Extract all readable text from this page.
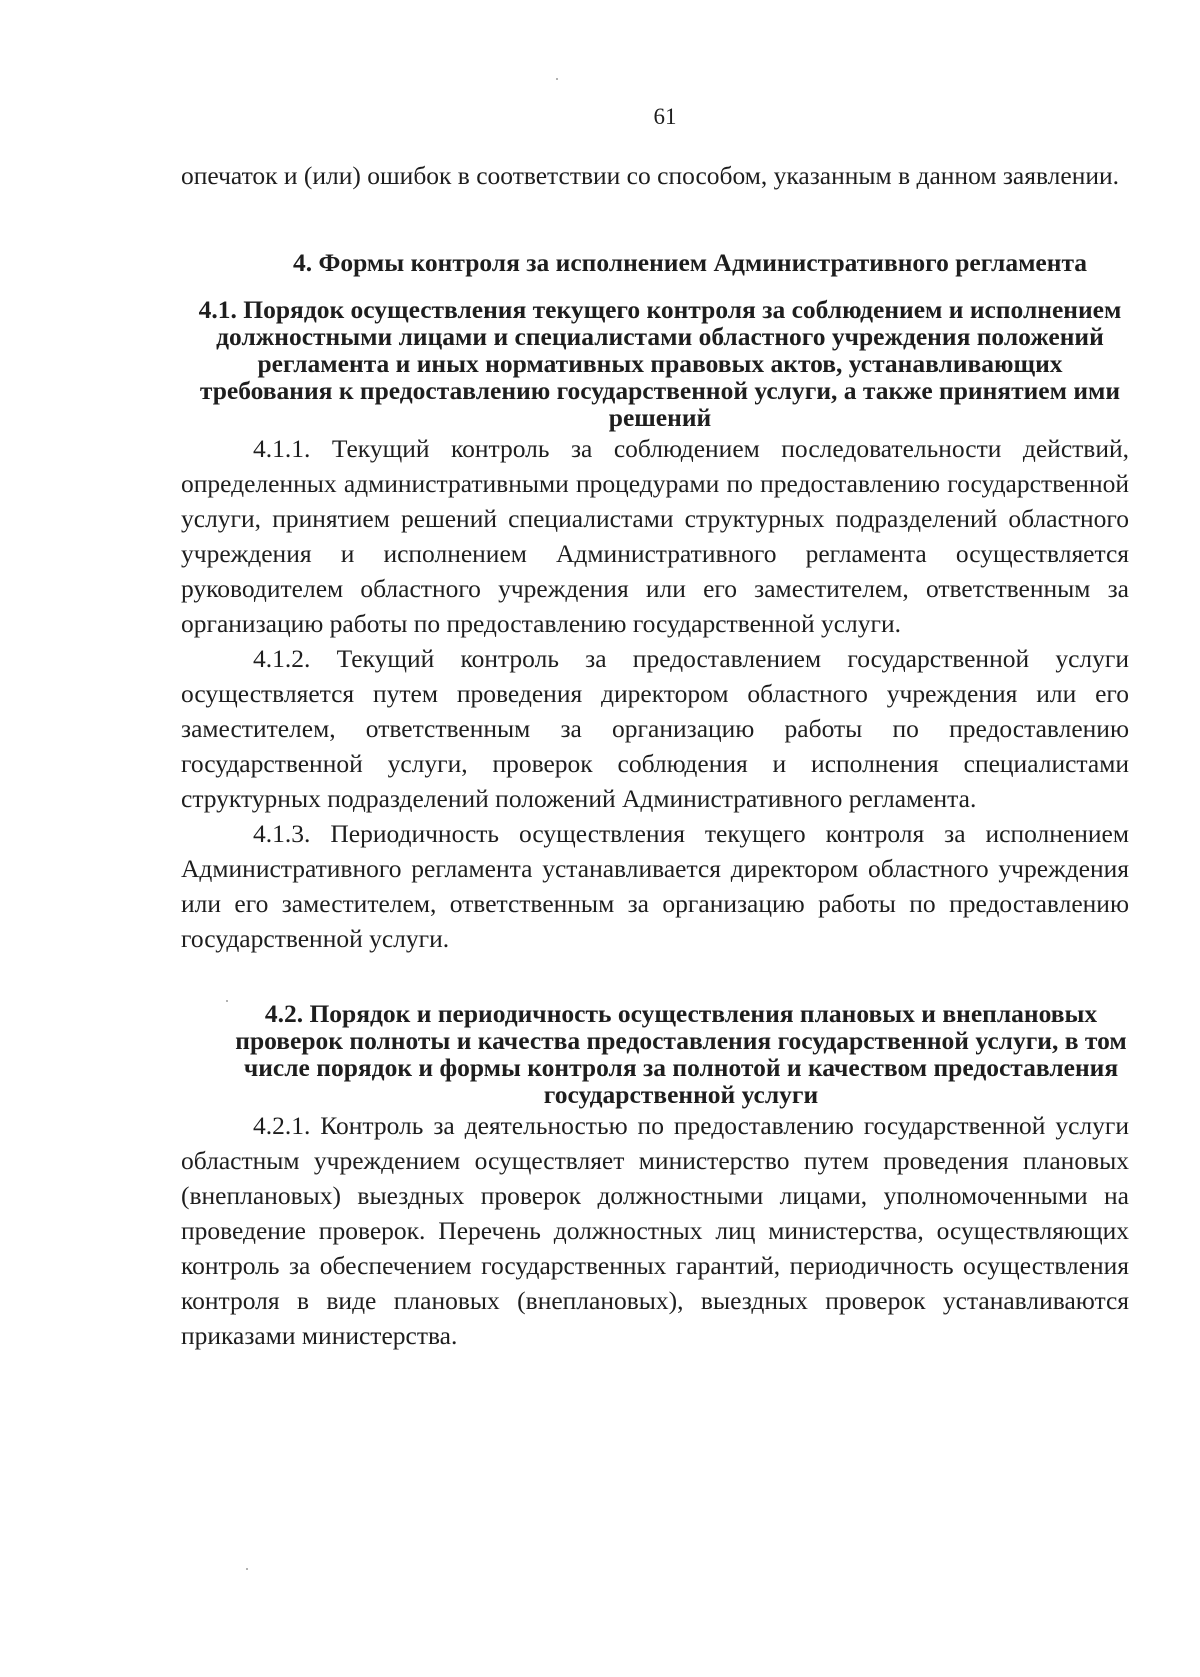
61

опечаток и (или) ошибок в соответствии со способом, указанным в данном заявлении.

4. Формы контроля за исполнением Административного регламента
4.1. Порядок осуществления текущего контроля за соблюдением и исполнением должностными лицами и специалистами областного учреждения положений регламента и иных нормативных правовых актов, устанавливающих требования к предоставлению государственной услуги, а также принятием ими решений

4.1.1. Текущий контроль за соблюдением последовательности действий, определенных административными процедурами по предоставлению государственной услуги, принятием решений специалистами структурных подразделений областного учреждения и исполнением Административного регламента осуществляется руководителем областного учреждения или его заместителем, ответственным за организацию работы по предоставлению государственной услуги.

4.1.2. Текущий контроль за предоставлением государственной услуги осуществляется путем проведения директором областного учреждения или его заместителем, ответственным за организацию работы по предоставлению государственной услуги, проверок соблюдения и исполнения специалистами структурных подразделений положений Административного регламента.

4.1.3. Периодичность осуществления текущего контроля за исполнением Административного регламента устанавливается директором областного учреждения или его заместителем, ответственным за организацию работы по предоставлению государственной услуги.

4.2. Порядок и периодичность осуществления плановых и внеплановых проверок полноты и качества предоставления государственной услуги, в том числе порядок и формы контроля за полнотой и качеством предоставления государственной услуги

4.2.1. Контроль за деятельностью по предоставлению государственной услуги областным учреждением осуществляет министерство путем проведения плановых (внеплановых) выездных проверок должностными лицами, уполномоченными на проведение проверок. Перечень должностных лиц министерства, осуществляющих контроль за обеспечением государственных гарантий, периодичность осуществления контроля в виде плановых (внеплановых), выездных проверок устанавливаются приказами министерства.
